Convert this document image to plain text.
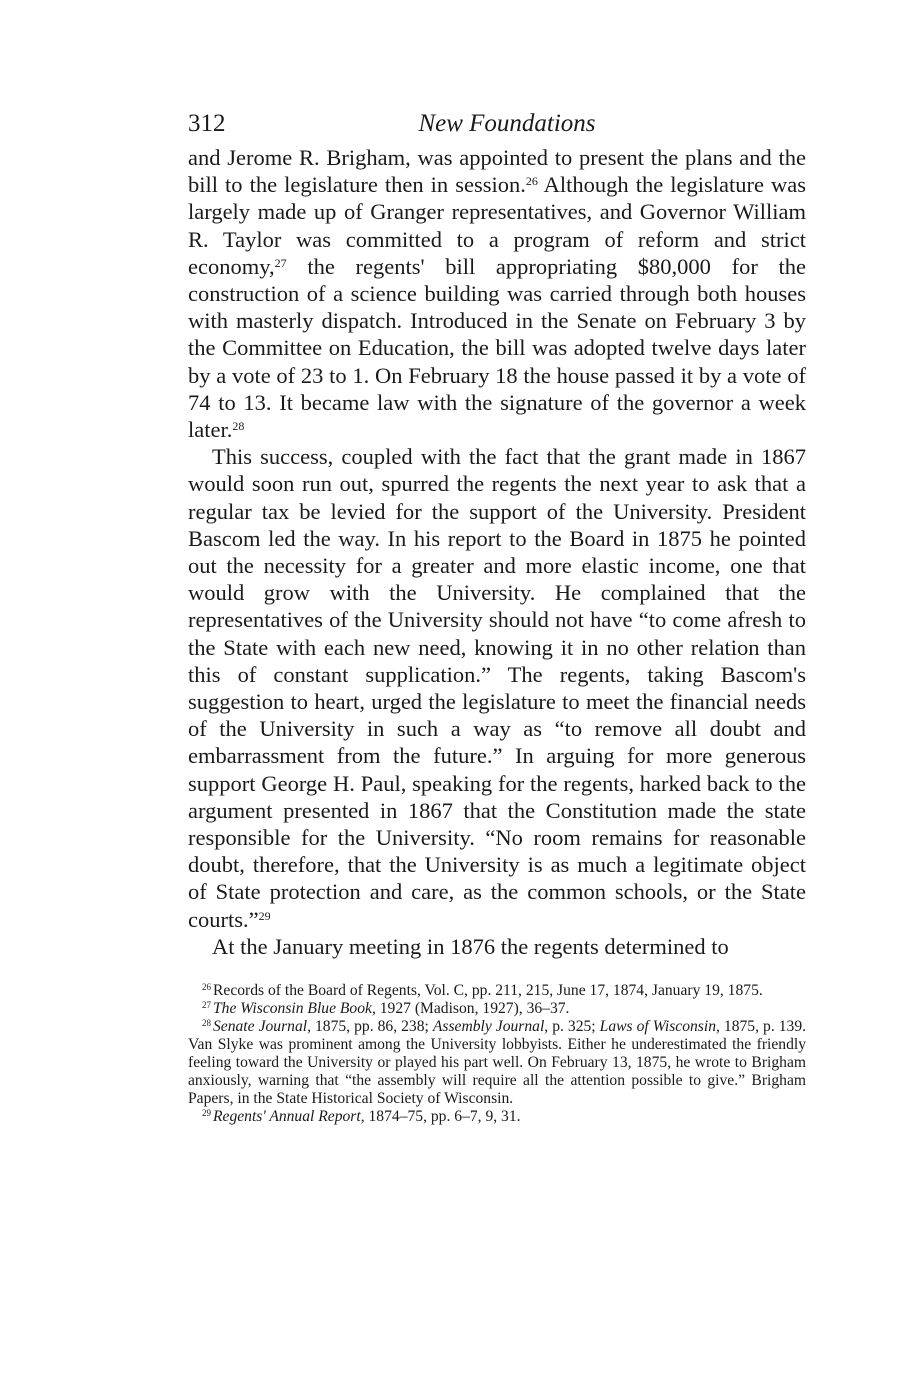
312	New Foundations

and Jerome R. Brigham, was appointed to present the plans and the bill to the legislature then in session.$^{26}$ Although the legislature was largely made up of Granger representatives, and Governor William R. Taylor was committed to a program of reform and strict economy,$^{27}$ the regents' bill appropriating $80,000 for the construction of a science building was carried through both houses with masterly dispatch. Introduced in the Senate on February 3 by the Committee on Education, the bill was adopted twelve days later by a vote of 23 to 1. On February 18 the house passed it by a vote of 74 to 13. It became law with the signature of the governor a week later.$^{28}$

This success, coupled with the fact that the grant made in 1867 would soon run out, spurred the regents the next year to ask that a regular tax be levied for the support of the University. President Bascom led the way. In his report to the Board in 1875 he pointed out the necessity for a greater and more elastic income, one that would grow with the University. He complained that the representatives of the University should not have “to come afresh to the State with each new need, knowing it in no other relation than this of constant supplication.” The regents, taking Bascom's suggestion to heart, urged the legislature to meet the financial needs of the University in such a way as “to remove all doubt and embarrassment from the future.” In arguing for more generous support George H. Paul, speaking for the regents, harked back to the argument presented in 1867 that the Constitution made the state responsible for the University. “No room remains for reasonable doubt, therefore, that the University is as much a legitimate object of State protection and care, as the common schools, or the State courts.”$^{29}$

At the January meeting in 1876 the regents determined to

$^{26}$ Records of the Board of Regents, Vol. C, pp. 211, 215, June 17, 1874, January 19, 1875.

$^{27}$ The Wisconsin Blue Book, 1927 (Madison, 1927), 36–37.

$^{28}$ Senate Journal, 1875, pp. 86, 238; Assembly Journal, p. 325; Laws of Wisconsin, 1875, p. 139. Van Slyke was prominent among the University lobbyists. Either he underestimated the friendly feeling toward the University or played his part well. On February 13, 1875, he wrote to Brigham anxiously, warning that “the assembly will require all the attention possible to give.” Brigham Papers, in the State Historical Society of Wisconsin.

$^{29}$ Regents' Annual Report, 1874–75, pp. 6–7, 9, 31.
